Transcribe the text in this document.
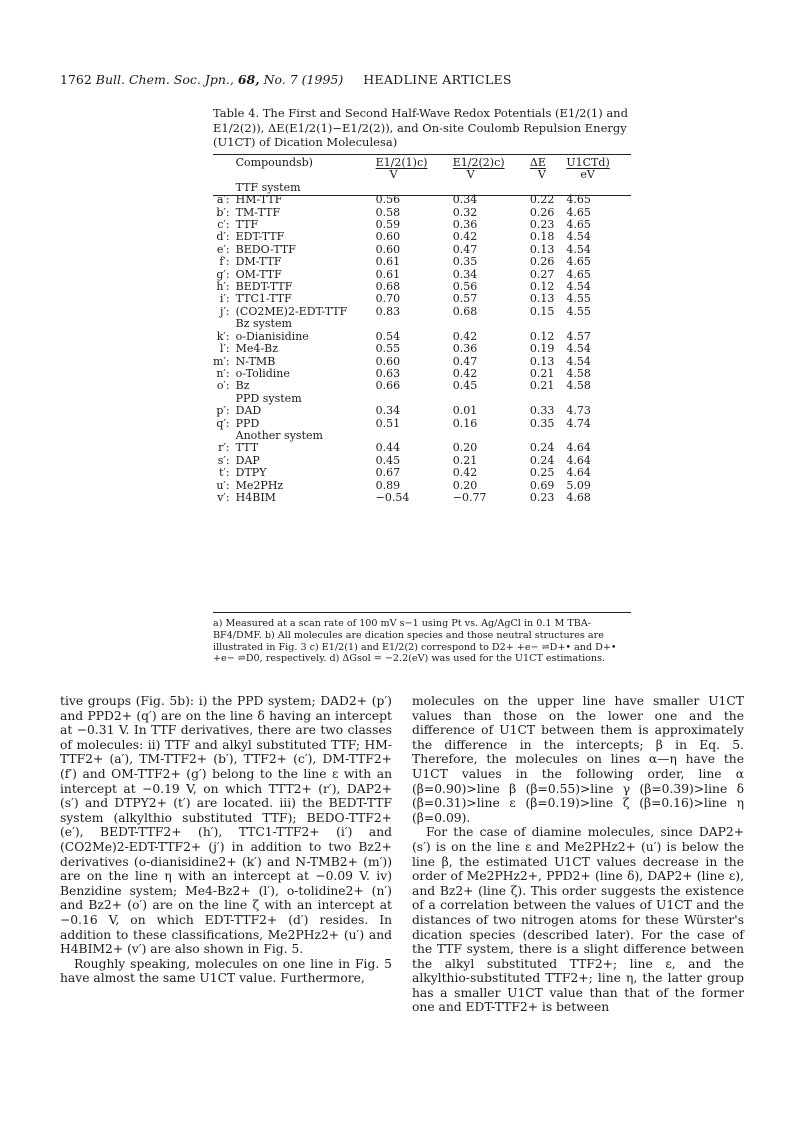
1762 Bull. Chem. Soc. Jpn., 68, No. 7 (1995) HEADLINE ARTICLES
Table 4. The First and Second Half-Wave Redox Potentials (E1/2(1) and E1/2(2)), ΔE(E1/2(1)−E1/2(2)), and On-site Coulomb Repulsion Energy (U1CT) of Dication Moleculesa)
	Compoundsb)	E1/2(1)c)	E1/2(2)c)	ΔE	U1CTd)
		V	V	V	eV
	TTF system				
a′:	HM-TTF	0.56	0.34	0.22	4.65
b′:	TM-TTF	0.58	0.32	0.26	4.65
c′:	TTF	0.59	0.36	0.23	4.65
d′:	EDT-TTF	0.60	0.42	0.18	4.54
e′:	BEDO-TTF	0.60	0.47	0.13	4.54
f′:	DM-TTF	0.61	0.35	0.26	4.65
g′:	OM-TTF	0.61	0.34	0.27	4.65
h′:	BEDT-TTF	0.68	0.56	0.12	4.54
i′:	TTC1-TTF	0.70	0.57	0.13	4.55
j′:	(CO2ME)2-EDT-TTF	0.83	0.68	0.15	4.55
	Bz system				
k′:	o-Dianisidine	0.54	0.42	0.12	4.57
l′:	Me4-Bz	0.55	0.36	0.19	4.54
m′:	N-TMB	0.60	0.47	0.13	4.54
n′:	o-Tolidine	0.63	0.42	0.21	4.58
o′:	Bz	0.66	0.45	0.21	4.58
	PPD system				
p′:	DAD	0.34	0.01	0.33	4.73
q′:	PPD	0.51	0.16	0.35	4.74
	Another system				
r′:	TTT	0.44	0.20	0.24	4.64
s′:	DAP	0.45	0.21	0.24	4.64
t′:	DTPY	0.67	0.42	0.25	4.64
u′:	Me2PHz	0.89	0.20	0.69	5.09
v′:	H4BIM	−0.54	−0.77	0.23	4.68
a) Measured at a scan rate of 100 mV s−1 using Pt vs. Ag/AgCl in 0.1 M TBA-BF4/DMF. b) All molecules are dication species and those neutral structures are illustrated in Fig. 3 c) E1/2(1) and E1/2(2) correspond to D2+ +e− ⇌D+• and D+• +e− ⇌D0, respectively. d) ΔGsol = −2.2(eV) was used for the U1CT estimations.

tive groups (Fig. 5b): i) the PPD system; DAD2+ (p′) and PPD2+ (q′) are on the line δ having an intercept at −0.31 V. In TTF derivatives, there are two classes of molecules: ii) TTF and alkyl substituted TTF; HM-TTF2+ (a′), TM-TTF2+ (b′), TTF2+ (c′), DM-TTF2+ (f′) and OM-TTF2+ (g′) belong to the line ε with an intercept at −0.19 V, on which TTT2+ (r′), DAP2+ (s′) and DTPY2+ (t′) are located. iii) the BEDT-TTF system (alkylthio substituted TTF); BEDO-TTF2+ (e′), BEDT-TTF2+ (h′), TTC1-TTF2+ (i′) and (CO2Me)2-EDT-TTF2+ (j′) in addition to two Bz2+ derivatives (o-dianisidine2+ (k′) and N-TMB2+ (m′)) are on the line η with an intercept at −0.09 V. iv) Benzidine system; Me4-Bz2+ (l′), o-tolidine2+ (n′) and Bz2+ (o′) are on the line ζ with an intercept at −0.16 V, on which EDT-TTF2+ (d′) resides. In addition to these classifications, Me2PHz2+ (u′) and H4BIM2+ (v′) are also shown in Fig. 5.

Roughly speaking, molecules on one line in Fig. 5 have almost the same U1CT value. Furthermore,

molecules on the upper line have smaller U1CT values than those on the lower one and the difference of U1CT between them is approximately the difference in the intercepts; β in Eq. 5. Therefore, the molecules on lines α—η have the U1CT values in the following order, line α (β=0.90)>line β (β=0.55)>line γ (β=0.39)>line δ (β=0.31)>line ε (β=0.19)>line ζ (β=0.16)>line η (β=0.09).

For the case of diamine molecules, since DAP2+ (s′) is on the line ε and Me2PHz2+ (u′) is below the line β, the estimated U1CT values decrease in the order of Me2PHz2+, PPD2+ (line δ), DAP2+ (line ε), and Bz2+ (line ζ). This order suggests the existence of a correlation between the values of U1CT and the distances of two nitrogen atoms for these Würster's dication species (described later). For the case of the TTF system, there is a slight difference between the alkyl substituted TTF2+; line ε, and the alkylthio-substituted TTF2+; line η, the latter group has a smaller U1CT value than that of the former one and EDT-TTF2+ is between
